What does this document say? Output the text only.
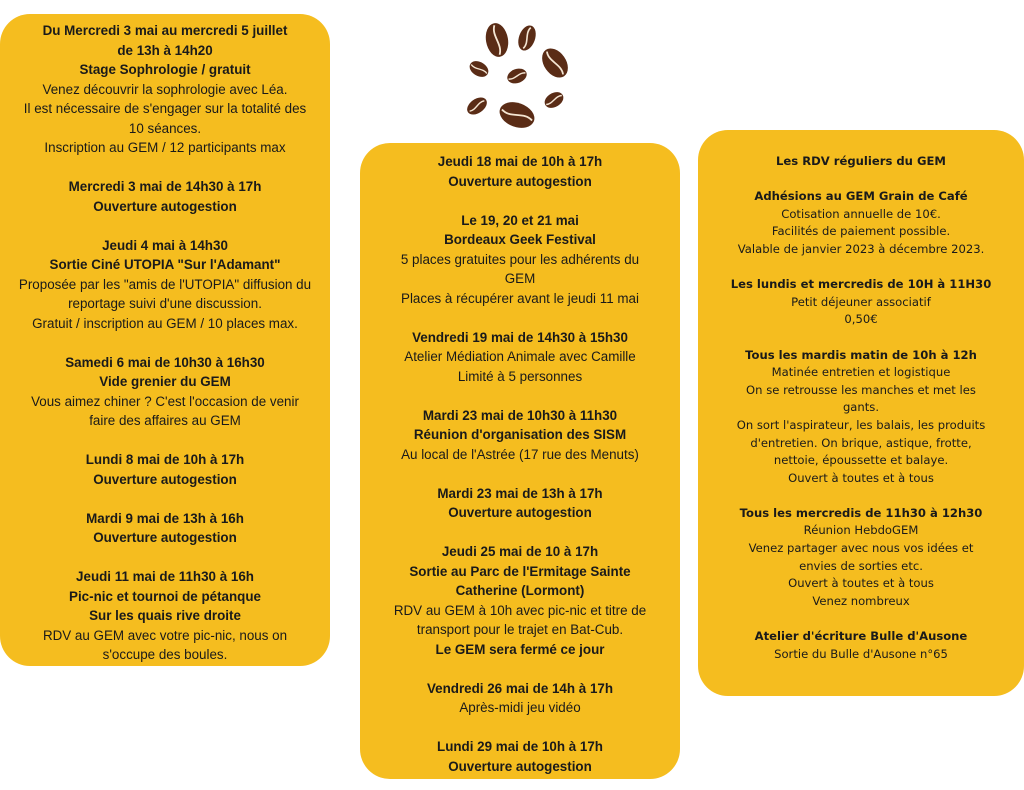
Du Mercredi 3 mai au mercredi 5 juillet
de 13h à 14h20
Stage Sophrologie / gratuit
Venez découvrir la sophrologie avec Léa.
Il est nécessaire de s'engager sur la totalité des
10 séances.
Inscription au GEM / 12 participants max
Mercredi 3 mai de 14h30 à 17h
Ouverture autogestion
Jeudi 4 mai à 14h30
Sortie Ciné UTOPIA "Sur l'Adamant"
Proposée par les "amis de l'UTOPIA" diffusion du
reportage suivi d'une discussion.
Gratuit / inscription au GEM / 10 places max.
Samedi 6 mai de 10h30 à 16h30
Vide grenier du GEM
Vous aimez chiner ? C'est l'occasion de venir
faire des affaires au GEM
Lundi 8 mai de 10h à 17h
Ouverture autogestion
Mardi 9 mai de 13h à 16h
Ouverture autogestion
Jeudi 11 mai de 11h30 à 16h
Pic-nic et tournoi de pétanque
Sur les quais rive droite
RDV au GEM avec votre pic-nic, nous on
s'occupe des boules.
Jeudi 18 mai de 10h à 17h
Ouverture autogestion
Le 19, 20 et 21 mai
Bordeaux Geek Festival
5 places gratuites pour les adhérents du
GEM
Places à récupérer avant le jeudi 11 mai
Vendredi 19 mai de 14h30 à 15h30
Atelier Médiation Animale avec Camille
Limité à 5 personnes
Mardi 23 mai de 10h30 à 11h30
Réunion d'organisation des SISM
Au local de l'Astrée (17 rue des Menuts)
Mardi 23 mai de 13h à 17h
Ouverture autogestion
Jeudi 25 mai de 10 à 17h
Sortie au Parc de l'Ermitage Sainte
Catherine (Lormont)
RDV au GEM à 10h avec pic-nic et titre de
transport pour le trajet en Bat-Cub.
Le GEM sera fermé ce jour
Vendredi 26 mai de 14h à 17h
Après-midi jeu vidéo
Lundi 29 mai de 10h à 17h
Ouverture autogestion
Les RDV réguliers du GEM
Adhésions au GEM Grain de Café
Cotisation annuelle de 10€.
Facilités de paiement possible.
Valable de janvier 2023 à décembre 2023.
Les lundis et mercredis de 10H à 11H30
Petit déjeuner associatif
0,50€
Tous les mardis matin de 10h à 12h
Matinée entretien et logistique
On se retrousse les manches et met les
gants.
On sort l'aspirateur, les balais, les produits
d'entretien. On brique, astique, frotte,
nettoie, époussette et balaye.
Ouvert à toutes et à tous
Tous les mercredis de 11h30 à 12h30
Réunion HebdoGEM
Venez partager avec nous vos idées et
envies de sorties etc.
Ouvert à toutes et à tous
Venez nombreux
Atelier d'écriture Bulle d'Ausone
Sortie du Bulle d'Ausone n°65
